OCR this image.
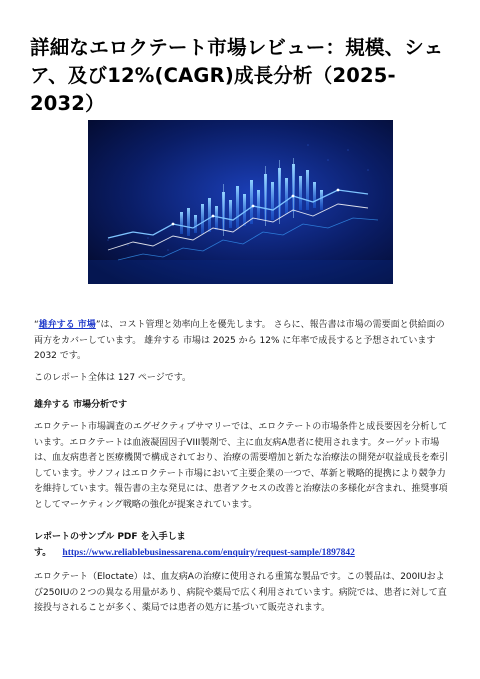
詳細なエロクテート市場レビュー：規模、シェア、及び12%(CAGR)成長分析（2025-2032）
“雄弁する 市場”は、コスト管理と効率向上を優先します。 さらに、報告書は市場の需要面と供給面の両方をカバーしています。 雄弁する 市場は 2025 から 12% に年率で成長すると予想されています2032 です。
このレポート全体は 127 ページです。
雄弁する 市場分析です
エロクテート市場調査のエグゼクティブサマリーでは、エロクテートの市場条件と成長要因を分析しています。エロクテートは血液凝固因子VIII製剤で、主に血友病A患者に使用されます。ターゲット市場は、血友病患者と医療機関で構成されており、治療の需要増加と新たな治療法の開発が収益成長を牽引しています。サノフィはエロクテート市場において主要企業の一つで、革新と戦略的提携により競争力を維持しています。報告書の主な発見には、患者アクセスの改善と治療法の多様化が含まれ、推奨事項としてマーケティング戦略の強化が提案されています。
レポートのサンプル PDF を入手しま
す。 https://www.reliablebusinessarena.com/enquiry/request-sample/1897842
エロクテート（Eloctate）は、血友病Aの治療に使用される重篤な製品です。この製品は、200IUおよび250IUの２つの異なる用量があり、病院や薬局で広く利用されています。病院では、患者に対して直接投与されることが多く、薬局では患者の処方に基づいて販売されます。
